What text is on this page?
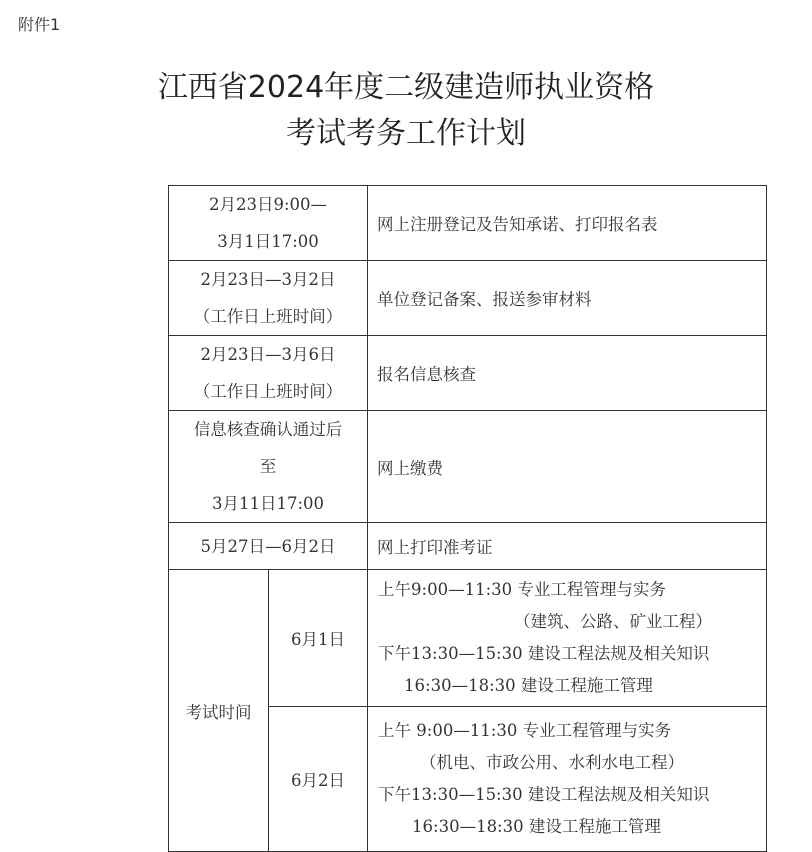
附件1
江西省2024年度二级建造师执业资格
考试考务工作计划
2月23日9:00—
3月1日17:00		网上注册登记及告知承诺、打印报名表

2月23日—3月2日
（工作日上班时间）		单位登记备案、报送参审材料

2月23日—3月6日
（工作日上班时间）		报名信息核查

信息核查确认通过后
至
3月11日17:00		网上缴费

5月27日—6月2日		网上打印准考证
考试时间	6月1日	上午9:00—11:30 专业工程管理与实务
（建筑、公路、矿业工程）
下午13:30—15:30 建设工程法规及相关知识
16:30—18:30 建设工程施工管理

	6月2日	上午 9:00—11:30 专业工程管理与实务
（机电、市政公用、水利水电工程）
下午13:30—15:30 建设工程法规及相关知识
16:30—18:30 建设工程施工管理
